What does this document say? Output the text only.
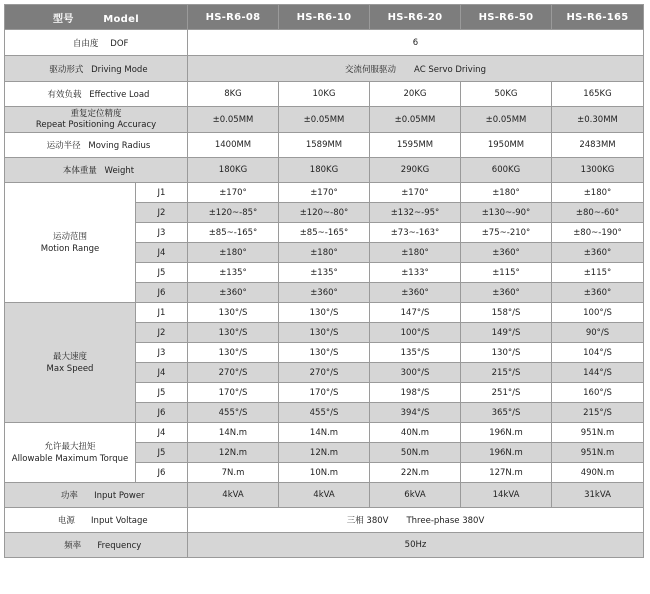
型号 Model		HS-R6-08	HS-R6-10	HS-R6-20	HS-R6-50	HS-R6-165
自由度 DOF		6				
驱动形式 Driving Mode		交流伺服驱动 AC Servo Driving				
有效负载 Effective Load		8KG	10KG	20KG	50KG	165KG

重复定位精度
Repeat Positioning Accuracy		±0.05MM	±0.05MM	±0.05MM	±0.05MM	±0.30MM
运动半径 Moving Radius		1400MM	1589MM	1595MM	1950MM	2483MM
本体重量 Weight		180KG	180KG	290KG	600KG	1300KG

运动范围
Motion Range	J1	±170°	±170°	±170°	±180°	±180°
	J2	±120~-85°	±120~-80°	±132~-95°	±130~-90°	±80~-60°
	J3	±85~-165°	±85~-165°	±73~-163°	±75~-210°	±80~-190°
	J4	±180°	±180°	±180°	±360°	±360°
	J5	±135°	±135°	±133°	±115°	±115°
	J6	±360°	±360°	±360°	±360°	±360°

最大速度
Max Speed	J1	130°/S	130°/S	147°/S	158°/S	100°/S
	J2	130°/S	130°/S	100°/S	149°/S	90°/S
	J3	130°/S	130°/S	135°/S	130°/S	104°/S
	J4	270°/S	270°/S	300°/S	215°/S	144°/S
	J5	170°/S	170°/S	198°/S	251°/S	160°/S
	J6	455°/S	455°/S	394°/S	365°/S	215°/S

允许最大扭矩
Allowable Maximum Torque	J4	14N.m	14N.m	40N.m	196N.m	951N.m
	J5	12N.m	12N.m	50N.m	196N.m	951N.m
	J6	7N.m	10N.m	22N.m	127N.m	490N.m
功率 Input Power		4kVA	4kVA	6kVA	14kVA	31kVA
电源 Input Voltage		三相 380V Three-phase 380V				
频率 Frequency		50Hz				
